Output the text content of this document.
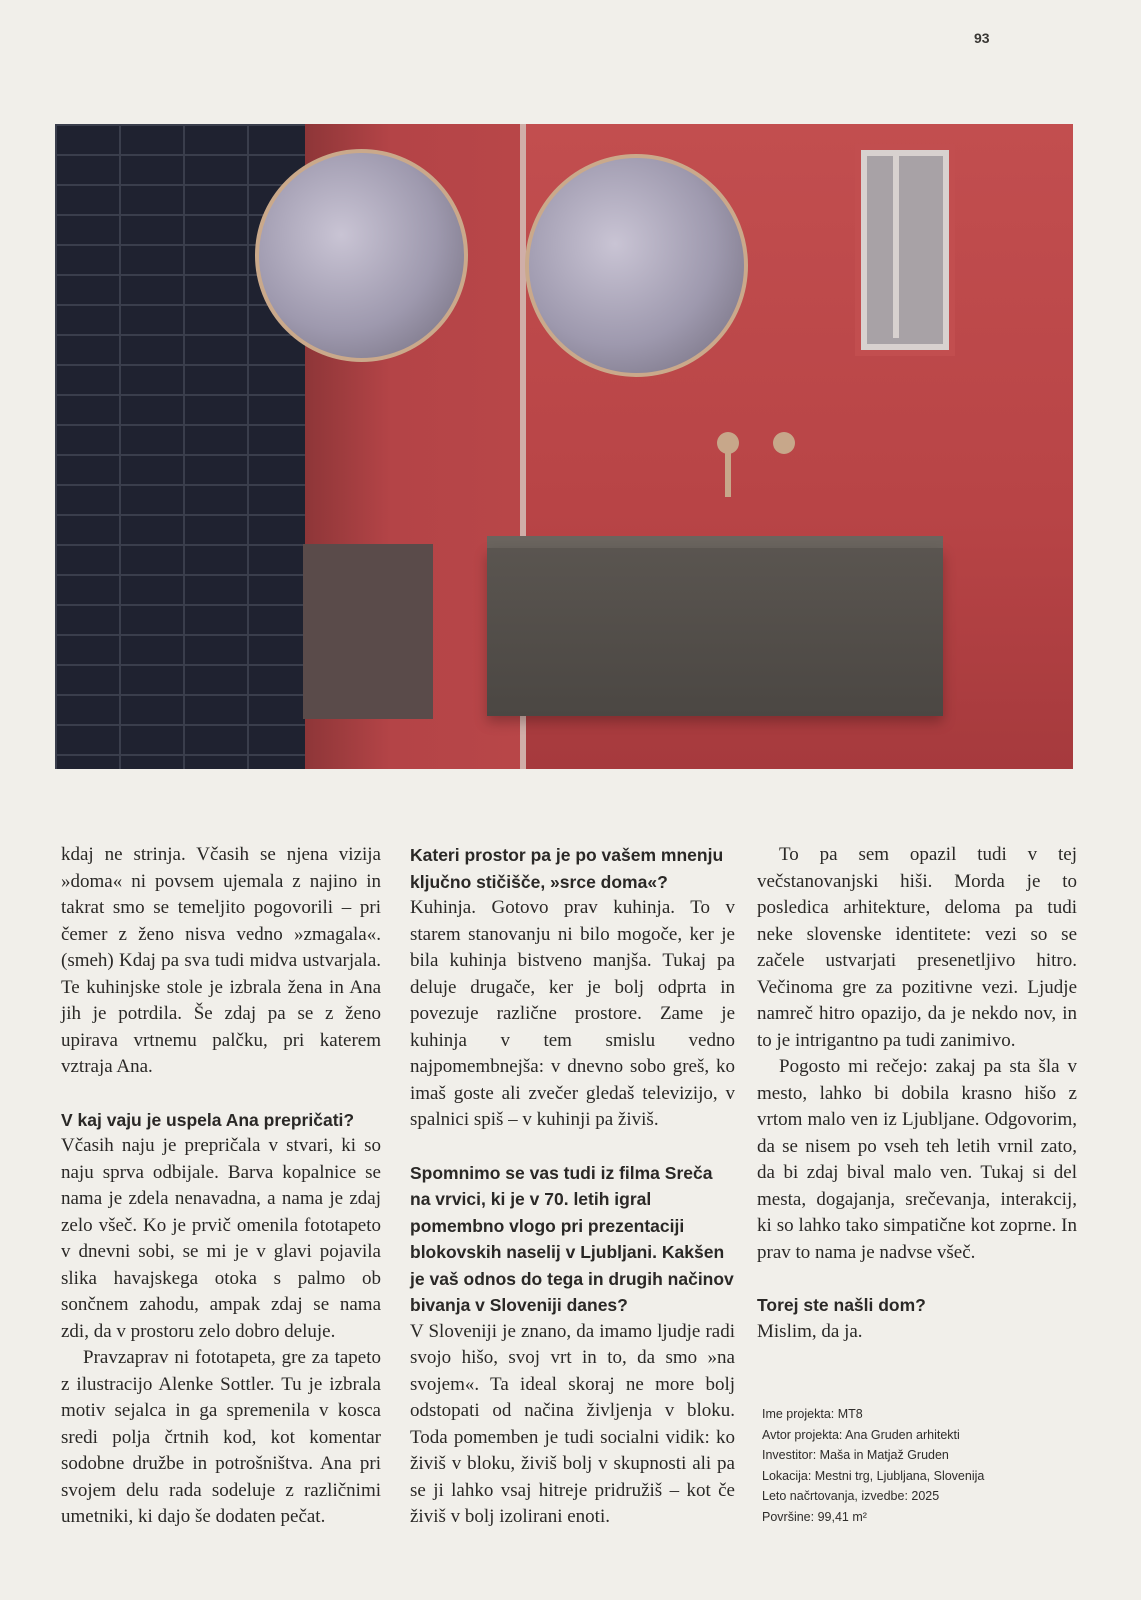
93

kdaj ne strinja. Včasih se njena vizija »doma« ni povsem ujemala z najino in takrat smo se temeljito pogovorili – pri čemer z ženo nisva vedno »zmagala«. (smeh) Kdaj pa sva tudi midva ustvarjala. Te kuhinjske stole je izbrala žena in Ana jih je potrdila. Še zdaj pa se z ženo upirava vrtnemu palčku, pri katerem vztraja Ana.

V kaj vaju je uspela Ana prepričati?

Včasih naju je prepričala v stvari, ki so naju sprva odbijale. Barva kopalnice se nama je zdela nenavadna, a nama je zdaj zelo všeč. Ko je prvič omenila fototapeto v dnevni sobi, se mi je v glavi pojavila slika havajskega otoka s palmo ob sončnem zahodu, ampak zdaj se nama zdi, da v prostoru zelo dobro deluje.

Pravzaprav ni fototapeta, gre za tapeto z ilustracijo Alenke Sottler. Tu je izbrala motiv sejalca in ga spremenila v kosca sredi polja črtnih kod, kot komentar sodobne družbe in potrošništva. Ana pri svojem delu rada sodeluje z različnimi umetniki, ki dajo še dodaten pečat.

Kateri prostor pa je po vašem mnenju ključno stičišče, »srce doma«?

Kuhinja. Gotovo prav kuhinja. To v starem stanovanju ni bilo mogoče, ker je bila kuhinja bistveno manjša. Tukaj pa deluje drugače, ker je bolj odprta in povezuje različne prostore. Zame je kuhinja v tem smislu vedno najpomembnejša: v dnevno sobo greš, ko imaš goste ali zvečer gledaš televizijo, v spalnici spiš – v kuhinji pa živiš.

Spomnimo se vas tudi iz filma Sreča na vrvici, ki je v 70. letih igral pomembno vlogo pri prezentaciji blokovskih naselij v Ljubljani. Kakšen je vaš odnos do tega in drugih načinov bivanja v Sloveniji danes?

V Sloveniji je znano, da imamo ljudje radi svojo hišo, svoj vrt in to, da smo »na svojem«. Ta ideal skoraj ne more bolj odstopati od načina življenja v bloku. Toda pomemben je tudi socialni vidik: ko živiš v bloku, živiš bolj v skupnosti ali pa se ji lahko vsaj hitreje pridružiš – kot če živiš v bolj izolirani enoti.

To pa sem opazil tudi v tej večstanovanjski hiši. Morda je to posledica arhitekture, deloma pa tudi neke slovenske identitete: vezi so se začele ustvarjati presenetljivo hitro. Večinoma gre za pozitivne vezi. Ljudje namreč hitro opazijo, da je nekdo nov, in to je intrigantno pa tudi zanimivo.

Pogosto mi rečejo: zakaj pa sta šla v mesto, lahko bi dobila krasno hišo z vrtom malo ven iz Ljubljane. Odgovorim, da se nisem po vseh teh letih vrnil zato, da bi zdaj bival malo ven. Tukaj si del mesta, dogajanja, srečevanja, interakcij, ki so lahko tako simpatične kot zoprne. In prav to nama je nadvse všeč.

Torej ste našli dom?

Mislim, da ja.

Ime projekta: MT8
Avtor projekta: Ana Gruden arhitekti
Investitor: Maša in Matjaž Gruden
Lokacija: Mestni trg, Ljubljana, Slovenija
Leto načrtovanja, izvedbe: 2025
Površine: 99,41 m²
